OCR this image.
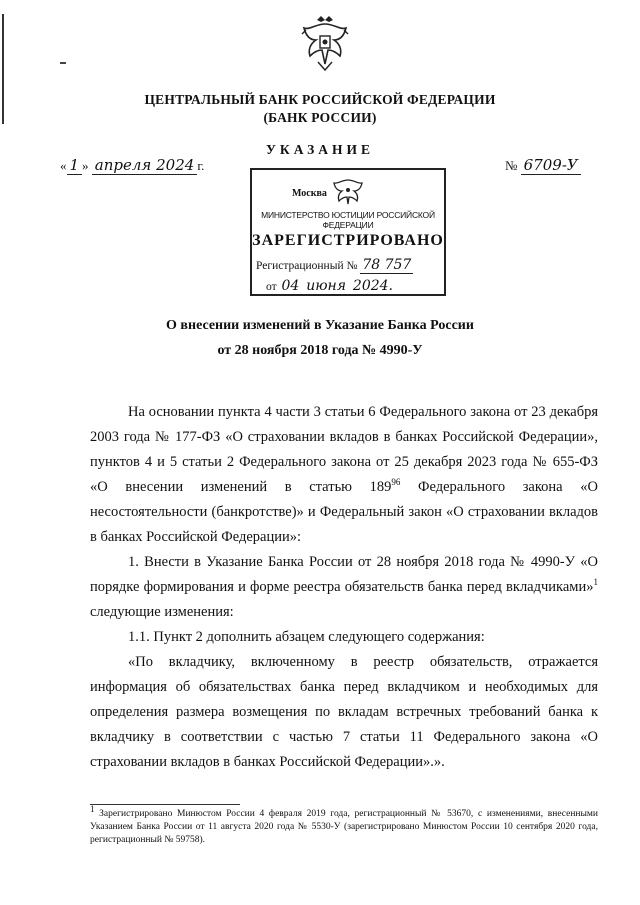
ЦЕНТРАЛЬНЫЙ БАНК РОССИЙСКОЙ ФЕДЕРАЦИИ
(БАНК РОССИИ)
УКАЗАНИЕ
« 1 » апреля 2024 г.	№ 6709-У
Москва
МИНИСТЕРСТВО ЮСТИЦИИ РОССИЙСКОЙ ФЕДЕРАЦИИ
ЗАРЕГИСТРИРОВАНО
Регистрационный № 78 757
от 04 июня 2024.
О внесении изменений в Указание Банка России
от 28 ноября 2018 года № 4990-У

На основании пункта 4 части 3 статьи 6 Федерального закона от 23 декабря 2003 года № 177-ФЗ «О страховании вкладов в банках Российской Федерации», пунктов 4 и 5 статьи 2 Федерального закона от 25 декабря 2023 года № 655-ФЗ «О внесении изменений в статью $189^{96}$ Федерального закона «О несостоятельности (банкротстве)» и Федеральный закон «О страховании вкладов в банках Российской Федерации»:

1. Внести в Указание Банка России от 28 ноября 2018 года № 4990-У «О порядке формирования и форме реестра обязательств банка перед вкладчиками»$^1$ следующие изменения:

1.1. Пункт 2 дополнить абзацем следующего содержания:

«По вкладчику, включенному в реестр обязательств, отражается информация об обязательствах банка перед вкладчиком и необходимых для определения размера возмещения по вкладам встречных требований банка к вкладчику в соответствии с частью 7 статьи 11 Федерального закона «О страховании вкладов в банках Российской Федерации».».

$^1$ Зарегистрировано Минюстом России 4 февраля 2019 года, регистрационный № 53670, с изменениями, внесенными Указанием Банка России от 11 августа 2020 года № 5530-У (зарегистрировано Минюстом России 10 сентября 2020 года, регистрационный № 59758).
